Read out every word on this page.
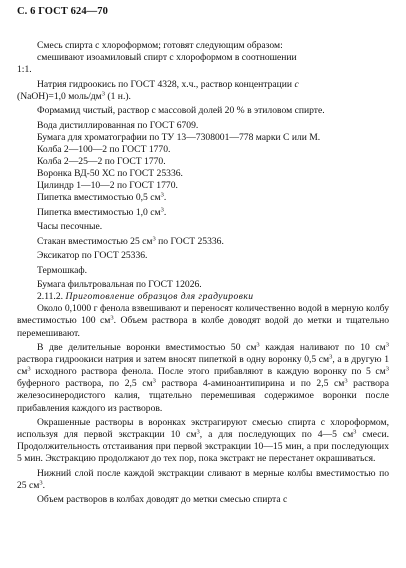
С. 6 ГОСТ 624—70

Смесь спирта с хлороформом; готовят следующим образом:

смешивают изоамиловый спирт с хлороформом в соотношении

1:1.

Натрия гидроокись по ГОСТ 4328, х.ч., раствор концентрации c

(NaOH)=1,0 моль/$дм^3$ (1 н.).

Формамид чистый, раствор с массовой долей 20 % в этиловом спирте.

Вода дистиллированная по ГОСТ 6709.

Бумага для хроматографии по ТУ 13—7308001—778 марки С или М.

Колба 2—100—2 по ГОСТ 1770.

Колба 2—25—2 по ГОСТ 1770.

Воронка ВД-50 ХС по ГОСТ 25336.

Цилиндр 1—10—2 по ГОСТ 1770.

Пипетка вместимостью 0,5 $см^3$.

Пипетка вместимостью 1,0 $см^3$.

Часы песочные.

Стакан вместимостью 25 $см^3$ по ГОСТ 25336.

Эксикатор по ГОСТ 25336.

Термошкаф.

Бумага фильтровальная по ГОСТ 12026.

2.11.2. Приготовление образцов для градуировки

Около 0,1000 г фенола взвешивают и переносят количественно водой в мерную колбу вместимостью 100 $см^3$. Объем раствора в колбе доводят водой до метки и тщательно перемешивают.

В две делительные воронки вместимостью 50 $см^3$ каждая наливают по 10 $см^3$ раствора гидроокиси натрия и затем вносят пипеткой в одну воронку 0,5 $см^3$, а в другую 1 $см^3$ исходного раствора фенола. После этого прибавляют в каждую воронку по 5 $см^3$ буферного раствора, по 2,5 $см^3$ раствора 4-аминоантипирина и по 2,5 $см^3$ раствора железосинеродистого калия, тщательно перемешивая содержимое воронки после прибавления каждого из растворов.

Окрашенные растворы в воронках экстрагируют смесью спирта с хлороформом, используя для первой экстракции 10 $см^3$, а для последующих по 4—5 $см^3$ смеси. Продолжительность отстаивания при первой экстракции 10—15 мин, а при последующих 5 мин. Экстракцию продолжают до тех пор, пока экстракт не перестанет окрашиваться.

Нижний слой после каждой экстракции сливают в мерные колбы вместимостью по 25 $см^3$.

Объем растворов в колбах доводят до метки смесью спирта с
